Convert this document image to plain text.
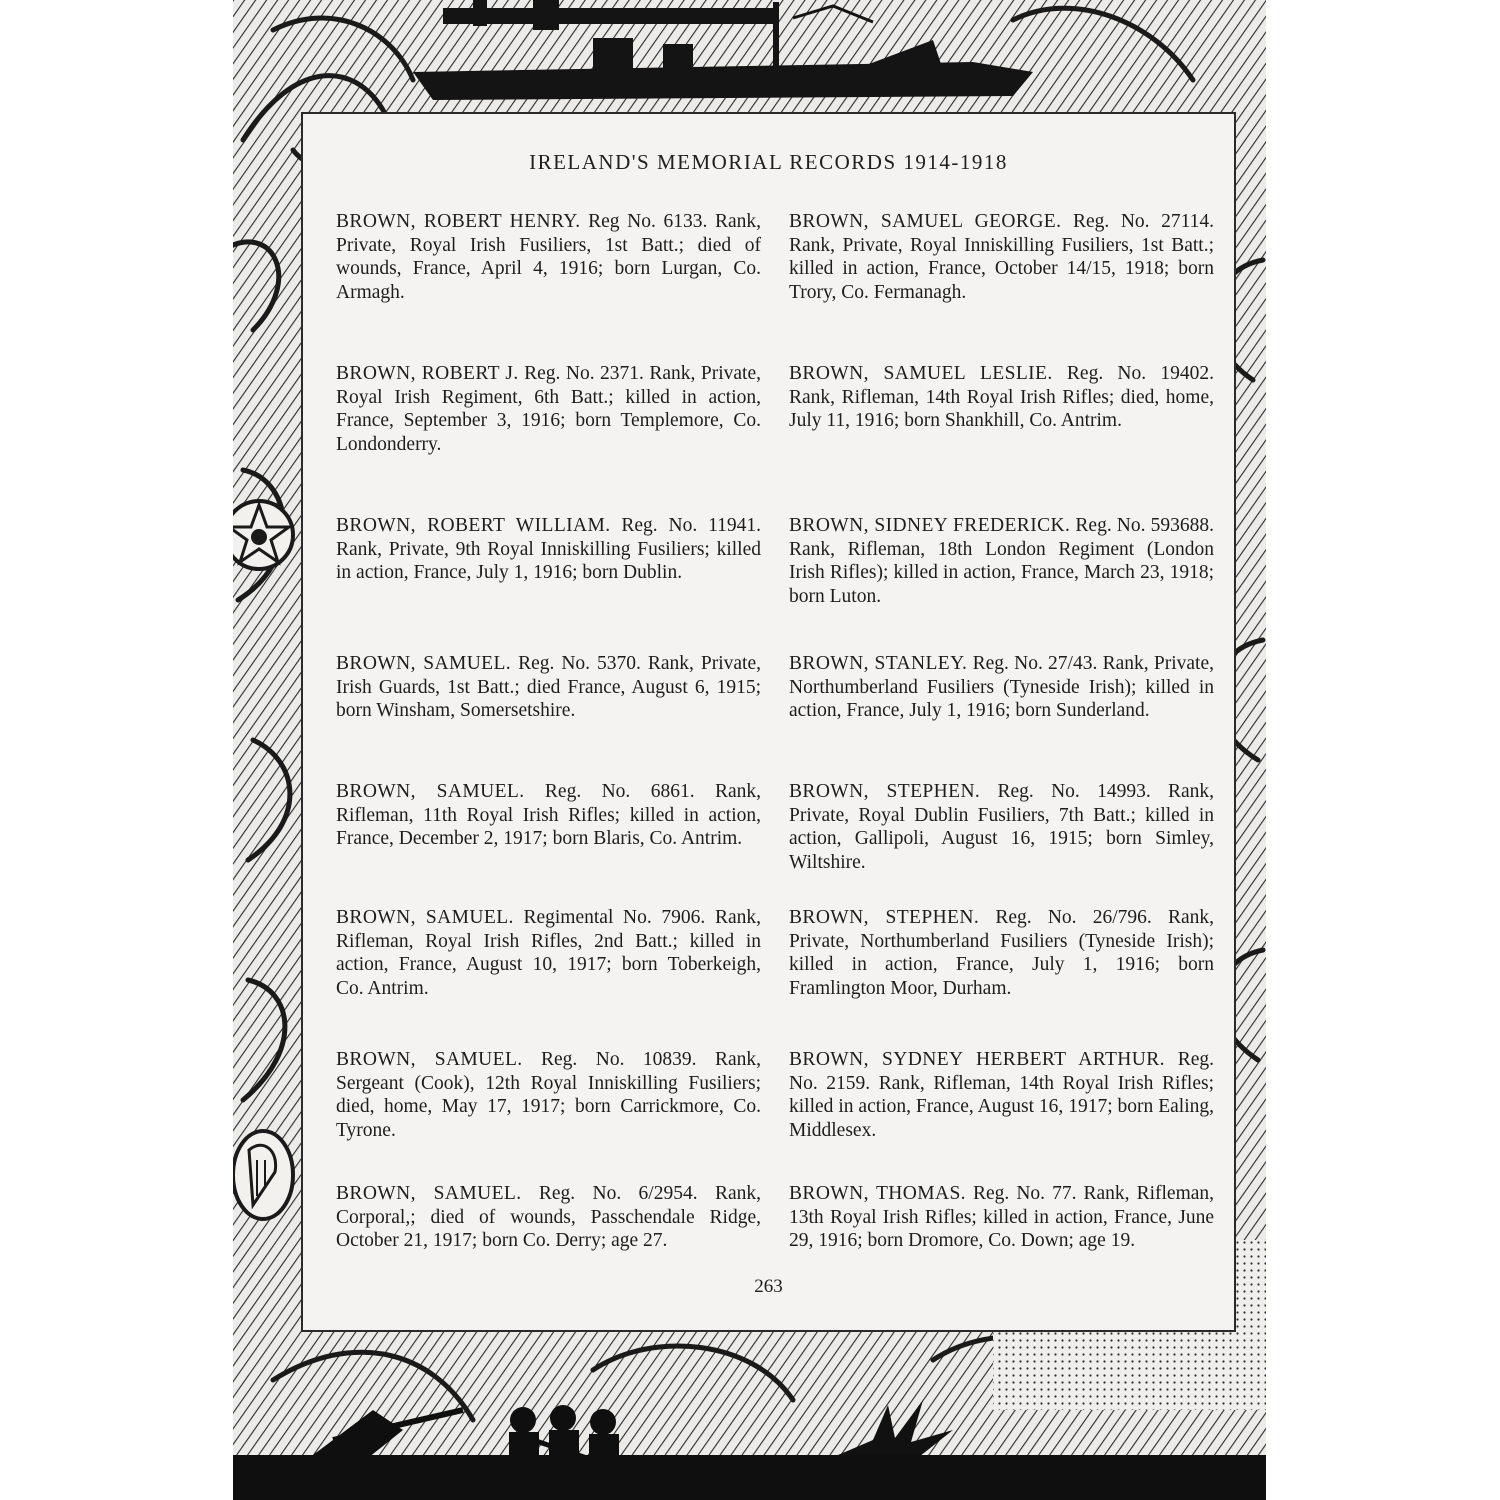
IRELAND'S MEMORIAL RECORDS 1914-1918

BROWN, ROBERT HENRY. Reg No. 6133. Rank, Private, Royal Irish Fusiliers, 1st Batt.; died of wounds, France, April 4, 1916; born Lurgan, Co. Armagh.

BROWN, ROBERT J. Reg. No. 2371. Rank, Private, Royal Irish Regiment, 6th Batt.; killed in action, France, September 3, 1916; born Templemore, Co. Londonderry.

BROWN, ROBERT WILLIAM. Reg. No. 11941. Rank, Private, 9th Royal Inniskilling Fusiliers; killed in action, France, July 1, 1916; born Dublin.

BROWN, SAMUEL. Reg. No. 5370. Rank, Private, Irish Guards, 1st Batt.; died France, August 6, 1915; born Winsham, Somersetshire.

BROWN, SAMUEL. Reg. No. 6861. Rank, Rifleman, 11th Royal Irish Rifles; killed in action, France, December 2, 1917; born Blaris, Co. Antrim.

BROWN, SAMUEL. Regimental No. 7906. Rank, Rifleman, Royal Irish Rifles, 2nd Batt.; killed in action, France, August 10, 1917; born Toberkeigh, Co. Antrim.

BROWN, SAMUEL. Reg. No. 10839. Rank, Sergeant (Cook), 12th Royal Inniskilling Fusiliers; died, home, May 17, 1917; born Carrickmore, Co. Tyrone.

BROWN, SAMUEL. Reg. No. 6/2954. Rank, Corporal,; died of wounds, Passchendale Ridge, October 21, 1917; born Co. Derry; age 27.

BROWN, SAMUEL GEORGE. Reg. No. 27114. Rank, Private, Royal Inniskilling Fusiliers, 1st Batt.; killed in action, France, October 14/15, 1918; born Trory, Co. Fermanagh.

BROWN, SAMUEL LESLIE. Reg. No. 19402. Rank, Rifleman, 14th Royal Irish Rifles; died, home, July 11, 1916; born Shankhill, Co. Antrim.

BROWN, SIDNEY FREDERICK. Reg. No. 593688. Rank, Rifleman, 18th London Regiment (London Irish Rifles); killed in action, France, March 23, 1918; born Luton.

BROWN, STANLEY. Reg. No. 27/43. Rank, Private, Northumberland Fusiliers (Tyneside Irish); killed in action, France, July 1, 1916; born Sunderland.

BROWN, STEPHEN. Reg. No. 14993. Rank, Private, Royal Dublin Fusiliers, 7th Batt.; killed in action, Gallipoli, August 16, 1915; born Simley, Wiltshire.

BROWN, STEPHEN. Reg. No. 26/796. Rank, Private, Northumberland Fusiliers (Tyneside Irish); killed in action, France, July 1, 1916; born Framlington Moor, Durham.

BROWN, SYDNEY HERBERT ARTHUR. Reg. No. 2159. Rank, Rifleman, 14th Royal Irish Rifles; killed in action, France, August 16, 1917; born Ealing, Middlesex.

BROWN, THOMAS. Reg. No. 77. Rank, Rifleman, 13th Royal Irish Rifles; killed in action, France, June 29, 1916; born Dromore, Co. Down; age 19.

263
